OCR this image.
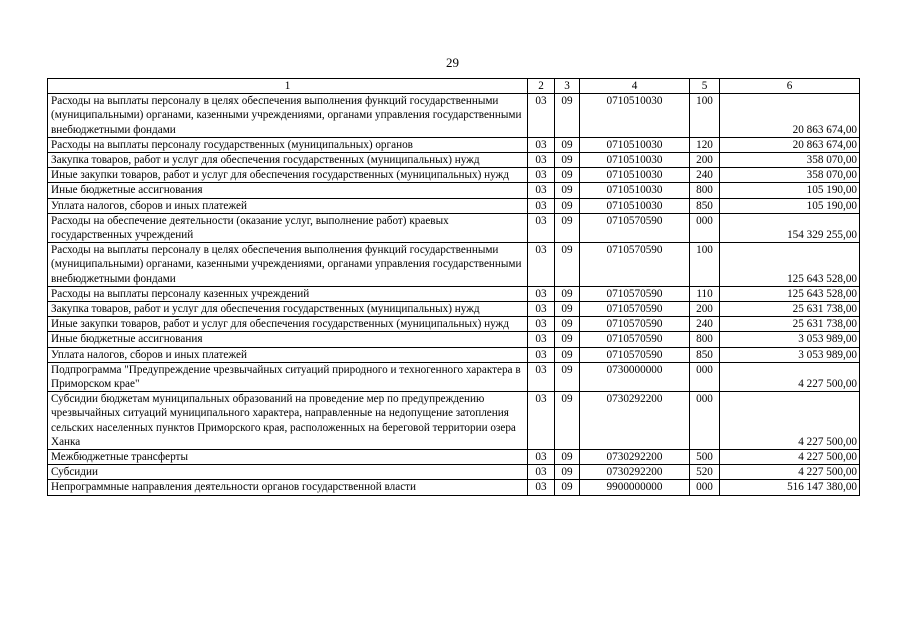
29
1	2	3	4	5	6
Расходы на выплаты персоналу в целях обеспечения выполнения функций государственными (муниципальными) органами, казенными учреждениями, органами управления государственными внебюджетными фондами	03	09	0710510030	100	20 863 674,00
Расходы на выплаты персоналу государственных (муниципальных) органов	03	09	0710510030	120	20 863 674,00
Закупка товаров, работ и услуг для обеспечения государственных (муниципальных) нужд	03	09	0710510030	200	358 070,00
Иные закупки товаров, работ и услуг для обеспечения государственных (муниципальных) нужд	03	09	0710510030	240	358 070,00
Иные бюджетные ассигнования	03	09	0710510030	800	105 190,00
Уплата налогов, сборов и иных платежей	03	09	0710510030	850	105 190,00
Расходы на обеспечение деятельности (оказание услуг, выполнение работ) краевых государственных учреждений	03	09	0710570590	000	154 329 255,00
Расходы на выплаты персоналу в целях обеспечения выполнения функций государственными (муниципальными) органами, казенными учреждениями, органами управления государственными внебюджетными фондами	03	09	0710570590	100	125 643 528,00
Расходы на выплаты персоналу казенных учреждений	03	09	0710570590	110	125 643 528,00
Закупка товаров, работ и услуг для обеспечения государственных (муниципальных) нужд	03	09	0710570590	200	25 631 738,00
Иные закупки товаров, работ и услуг для обеспечения государственных (муниципальных) нужд	03	09	0710570590	240	25 631 738,00
Иные бюджетные ассигнования	03	09	0710570590	800	3 053 989,00
Уплата налогов, сборов и иных платежей	03	09	0710570590	850	3 053 989,00
Подпрограмма "Предупреждение чрезвычайных ситуаций природного и техногенного характера в Приморском крае"	03	09	0730000000	000	4 227 500,00
Субсидии бюджетам муниципальных образований на проведение мер по предупреждению чрезвычайных ситуаций муниципального характера, направленные на недопущение затопления сельских населенных пунктов Приморского края, расположенных на береговой территории озера Ханка	03	09	0730292200	000	4 227 500,00
Межбюджетные трансферты	03	09	0730292200	500	4 227 500,00
Субсидии	03	09	0730292200	520	4 227 500,00
Непрограммные направления деятельности органов государственной власти	03	09	9900000000	000	516 147 380,00
